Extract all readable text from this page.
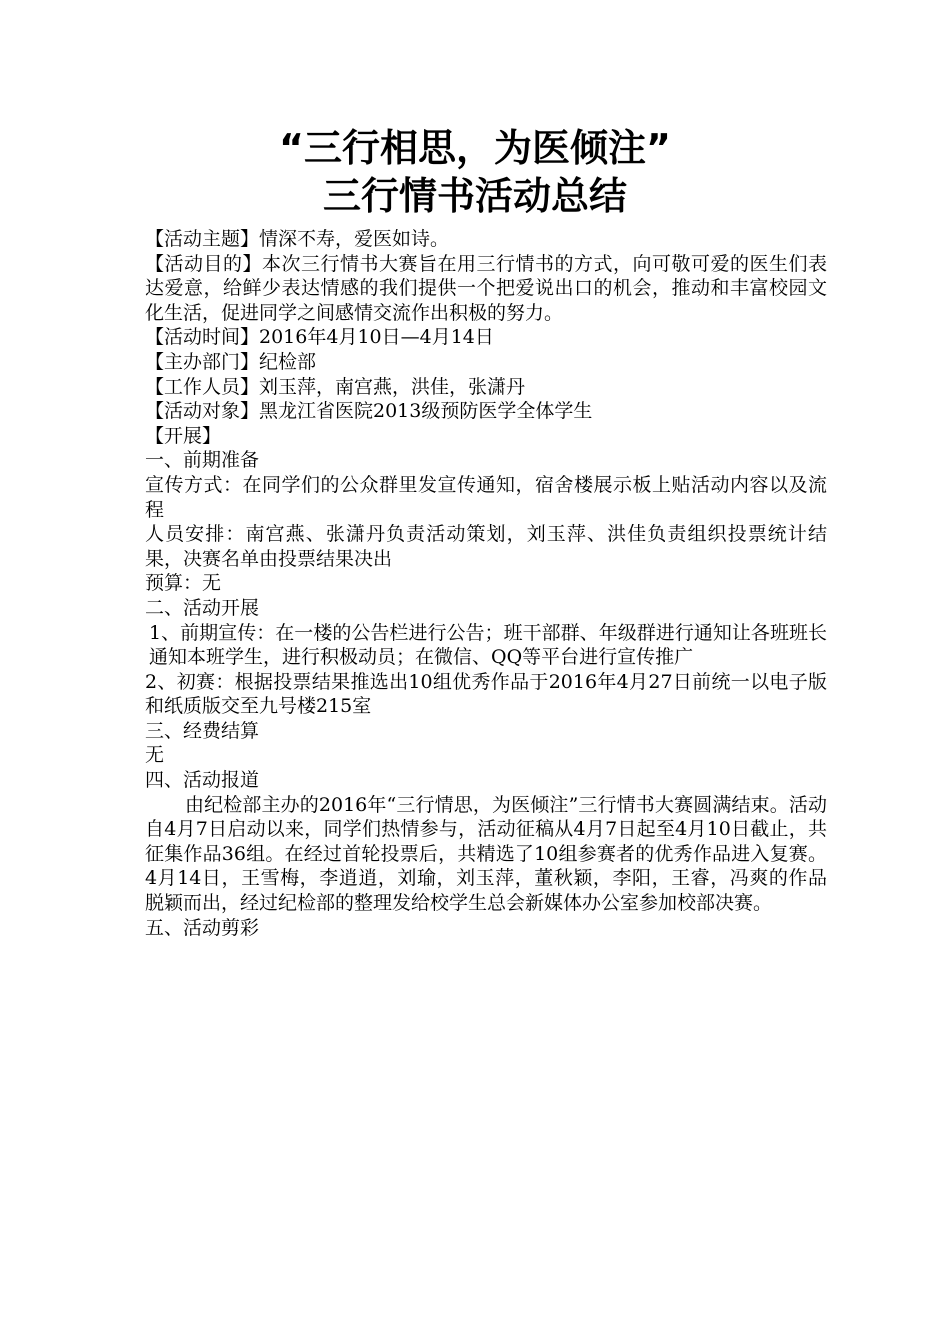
“三行相思，为医倾注”
三行情书活动总结

【活动主题】情深不寿，爱医如诗。

【活动目的】本次三行情书大赛旨在用三行情书的方式，向可敬可爱的医生们表达爱意，给鲜少表达情感的我们提供一个把爱说出口的机会，推动和丰富校园文化生活，促进同学之间感情交流作出积极的努力。

【活动时间】2016年4月10日—4月14日

【主办部门】纪检部

【工作人员】刘玉萍，南宫燕，洪佳，张潇丹

【活动对象】黑龙江省医院2013级预防医学全体学生

【开展】

一、前期准备

宣传方式：在同学们的公众群里发宣传通知，宿舍楼展示板上贴活动内容以及流程

人员安排：南宫燕、张潇丹负责活动策划，刘玉萍、洪佳负责组织投票统计结果，决赛名单由投票结果决出

预算：无

二、活动开展

1、前期宣传：在一楼的公告栏进行公告；班干部群、年级群进行通知让各班班长通知本班学生，进行积极动员；在微信、QQ等平台进行宣传推广

2、初赛：根据投票结果推选出10组优秀作品于2016年4月27日前统一以电子版和纸质版交至九号楼215室

三、经费结算

无

四、活动报道

由纪检部主办的2016年“三行情思，为医倾注”三行情书大赛圆满结束。活动自4月7日启动以来，同学们热情参与，活动征稿从4月7日起至4月10日截止，共征集作品36组。在经过首轮投票后，共精选了10组参赛者的优秀作品进入复赛。4月14日，王雪梅，李逍逍，刘瑜，刘玉萍，董秋颖，李阳，王睿，冯爽的作品脱颖而出，经过纪检部的整理发给校学生总会新媒体办公室参加校部决赛。

五、活动剪彩
